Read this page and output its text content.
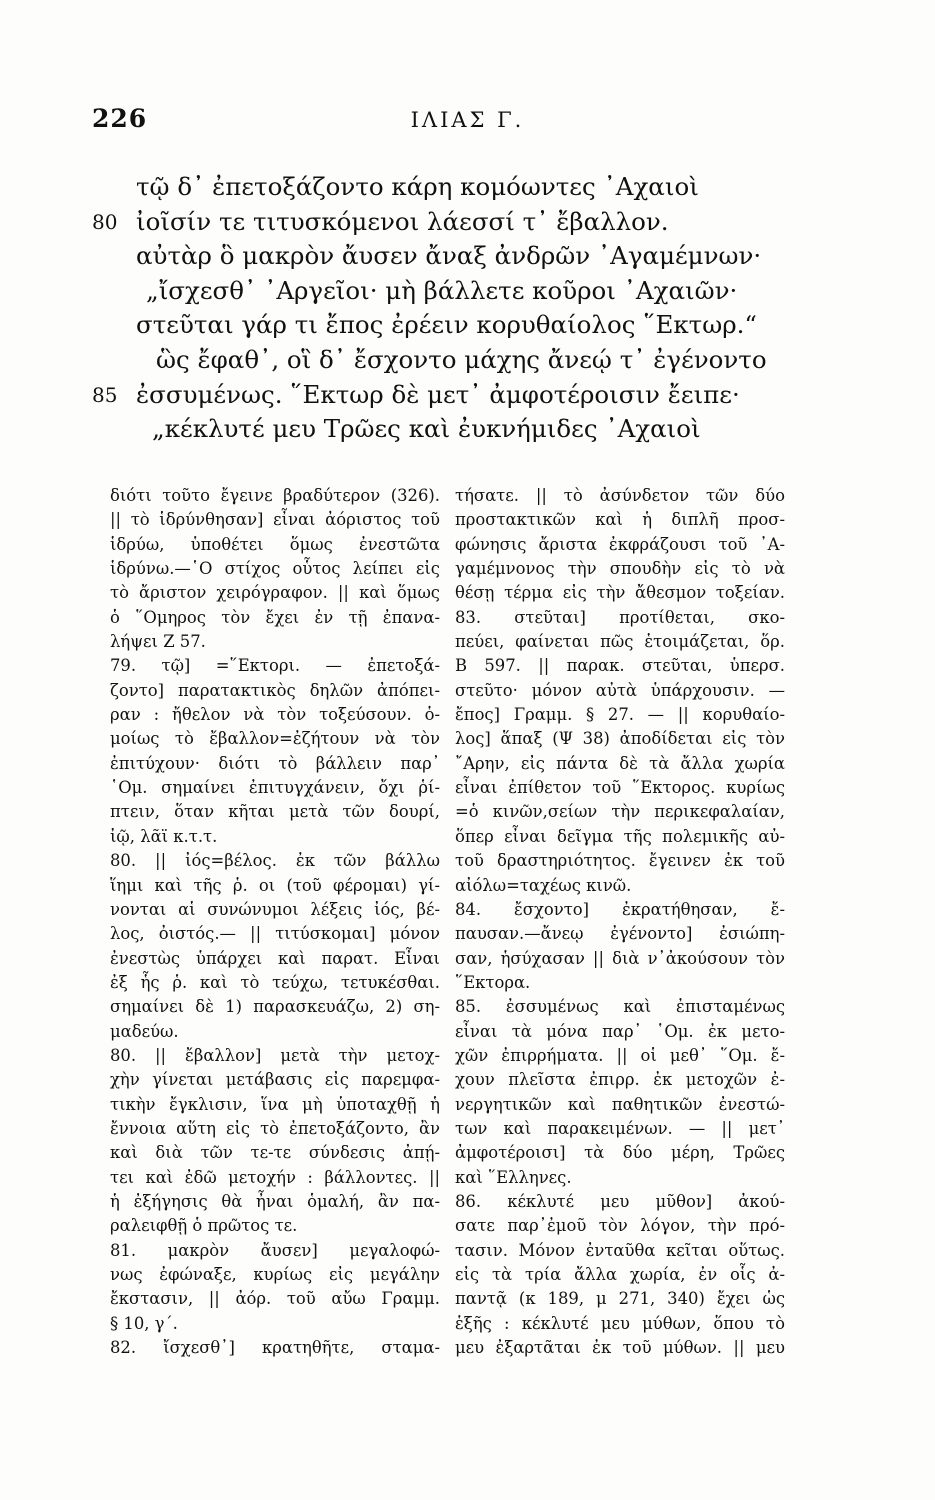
226	ΙΛΙΑΣ Γ.
τῷ δ᾽ ἐπετοξάζοντο κάρη κομόωντες ᾽Αχαιοὶ
80 ἰοῖσίν τε τιτυσκόμενοι λάεσσί τ᾽ ἔβαλλον.
αὐτὰρ ὃ μακρὸν ἄυσεν ἄναξ ἀνδρῶν ᾽Αγαμέμνων·
„ἴσχεσθ᾽ ᾽Αργεῖοι· μὴ βάλλετε κοῦροι ᾽Αχαιῶν·
στεῦται γάρ τι ἔπος ἐρέειν κορυθαίολος ῞Εκτωρ.“
ὣς ἔφαθ᾽, οἳ δ᾽ ἔσχοντο μάχης ἄνεῴ τ᾽ ἐγένοντο
85 ἐσσυμένως. ῞Εκτωρ δὲ μετ᾽ ἀμφοτέροισιν ἔειπε·
„κέκλυτέ μευ Τρῶες καὶ ἐυκνήμιδες ᾽Αχαιοὶ
διότι τοῦτο ἔγεινε βραδύτερον (326).
|| τὸ ἱδρύνθησαν] εἶναι ἀόριστος τοῦ
ἱδρύω, ὑποθέτει ὅμως ἐνεστῶτα
ἱδρύνω.—῾Ο στίχος οὗτος λείπει εἰς
τὸ ἄριστον χειρόγραφον. || καὶ ὅμως
ὁ ῞Ομηρος τὸν ἔχει ἐν τῇ ἐπανα-
λήψει Ζ 57.
79. τῷ] =῞Εκτορι. — ἐπετοξά-
ζοντο] παρατακτικὸς δηλῶν ἀπόπει-
ραν : ἤθελον νὰ τὸν τοξεύσουν. ὁ-
μοίως τὸ ἔβαλλον=ἐζήτουν νὰ τὸν
ἐπιτύχουν· διότι τὸ βάλλειν παρ᾽
῾Ομ. σημαίνει ἐπιτυγχάνειν, ὄχι ῥί-
πτειν, ὅταν κῆται μετὰ τῶν δουρί,
ἰῷ, λᾶϊ κ.τ.τ.
80. || ἰός=βέλος. ἐκ τῶν βάλλω
ἵημι καὶ τῆς ῥ. οι (τοῦ φέρομαι) γί-
νονται αἱ συνώνυμοι λέξεις ἰός, βέ-
λος, ὀιστός.— || τιτύσκομαι] μόνον
ἐνεστὼς ὑπάρχει καὶ παρατ. Εἶναι
ἐξ ἧς ῥ. καὶ τὸ τεύχω, τετυκέσθαι.
σημαίνει δὲ 1) παρασκευάζω, 2) ση-
μαδεύω.
80. || ἔβαλλον] μετὰ τὴν μετοχ-
χὴν γίνεται μετάβασις εἰς παρεμφα-
τικὴν ἔγκλισιν, ἵνα μὴ ὑποταχθῇ ἡ
ἔννοια αὕτη εἰς τὸ ἐπετοξάζοντο, ἂν
καὶ διὰ τῶν τε-τε σύνδεσις ἀπῄ-
τει καὶ ἐδῶ μετοχήν : βάλλοντες. ||
ἡ ἐξήγησις θὰ ἦναι ὁμαλή, ἂν πα-
ραλειφθῇ ὁ πρῶτος τε.
81. μακρὸν ἄυσεν] μεγαλοφώ-
νως ἐφώναξε, κυρίως εἰς μεγάλην
ἔκστασιν, || ἀόρ. τοῦ αὔω Γραμμ.
§ 10, γ΄.
82. ἴσχεσθ᾽] κρατηθῆτε, σταμα-
τήσατε. || τὸ ἀσύνδετον τῶν δύο
προστακτικῶν καὶ ἡ διπλῆ προσ-
φώνησις ἄριστα ἐκφράζουσι τοῦ ᾽Α-
γαμέμνονος τὴν σπουδὴν εἰς τὸ νὰ
θέσῃ τέρμα εἰς τὴν ἄθεσμον τοξείαν.
83. στεῦται] προτίθεται, σκο-
πεύει, φαίνεται πῶς ἑτοιμάζεται, ὅρ.
Β 597. || παρακ. στεῦται, ὑπερσ.
στεῦτο· μόνον αὐτὰ ὑπάρχουσιν. —
ἔπος] Γραμμ. § 27. — || κορυθαίο-
λος] ἅπαξ (Ψ 38) ἀποδίδεται εἰς τὸν
῎Αρην, εἰς πάντα δὲ τὰ ἄλλα χωρία
εἶναι ἐπίθετον τοῦ ῞Εκτορος. κυρίως
=ὁ κινῶν,σείων τὴν περικεφαλαίαν,
ὅπερ εἶναι δεῖγμα τῆς πολεμικῆς αὐ-
τοῦ δραστηριότητος. ἔγεινεν ἐκ τοῦ
αἰόλω=ταχέως κινῶ.
84. ἔσχοντο] ἐκρατήθησαν, ἔ-
παυσαν.—ἄνεῳ ἐγένοντο] ἐσιώπη-
σαν, ἡσύχασαν || διὰ ν᾽ἀκούσουν τὸν
῞Εκτορα.
85. ἐσσυμένως καὶ ἐπισταμένως
εἶναι τὰ μόνα παρ᾽ ῾Ομ. ἐκ μετο-
χῶν ἐπιρρήματα. || οἱ μεθ᾽ ῞Ομ. ἔ-
χουν πλεῖστα ἐπιρρ. ἐκ μετοχῶν ἐ-
νεργητικῶν καὶ παθητικῶν ἐνεστώ-
των καὶ παρακειμένων. — || μετ᾽
ἀμφοτέροισι] τὰ δύο μέρη, Τρῶες
καὶ ῞Ελληνες.
86. κέκλυτέ μευ μῦθον] ἀκού-
σατε παρ᾽ἐμοῦ τὸν λόγον, τὴν πρό-
τασιν. Μόνον ἐνταῦθα κεῖται οὕτως.
εἰς τὰ τρία ἄλλα χωρία, ἐν οἷς ἀ-
παντᾷ (κ 189, μ 271, 340) ἔχει ὡς
ἑξῆς : κέκλυτέ μευ μύθων, ὅπου τὸ
μευ ἐξαρτᾶται ἐκ τοῦ μύθων. || μευ
